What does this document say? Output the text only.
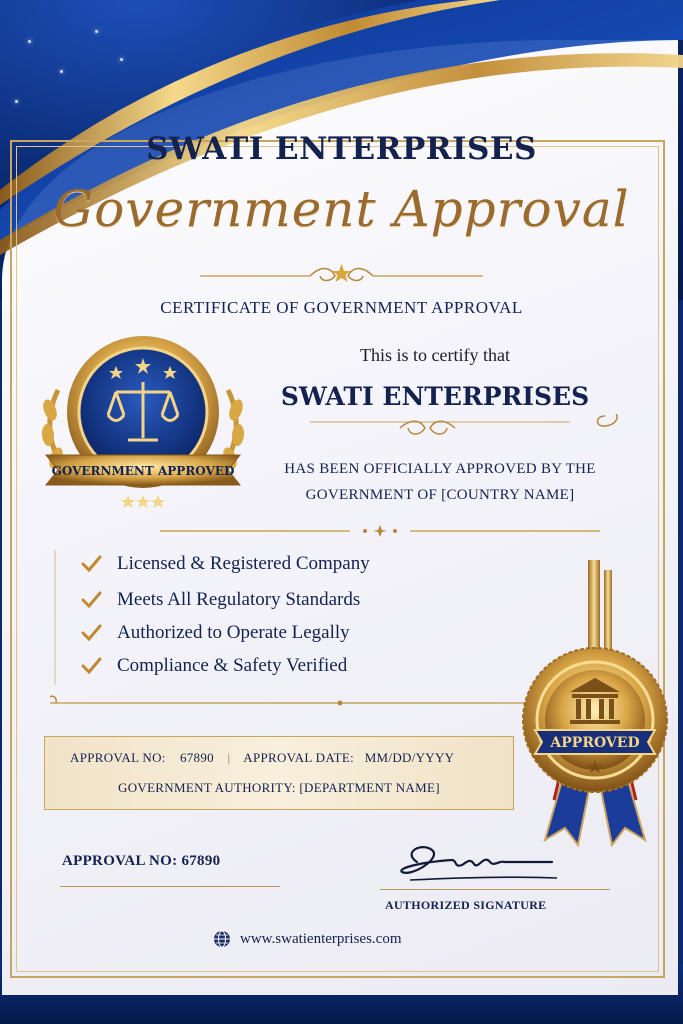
SWATI ENTERPRISES
Government Approval
CERTIFICATE OF GOVERNMENT APPROVAL
GOVERNMENT APPROVED
This is to certify that
SWATI ENTERPRISES
HAS BEEN OFFICIALLY APPROVED BY THE
GOVERNMENT OF [COUNTRY NAME]
Licensed & Registered Company
Meets All Regulatory Standards
Authorized to Operate Legally
Compliance & Safety Verified
APPROVED
APPROVAL NO: 67890 | APPROVAL DATE: MM/DD/YYYY
GOVERNMENT AUTHORITY: [DEPARTMENT NAME]
APPROVAL NO: 67890
AUTHORIZED SIGNATURE
www.swatienterprises.com
